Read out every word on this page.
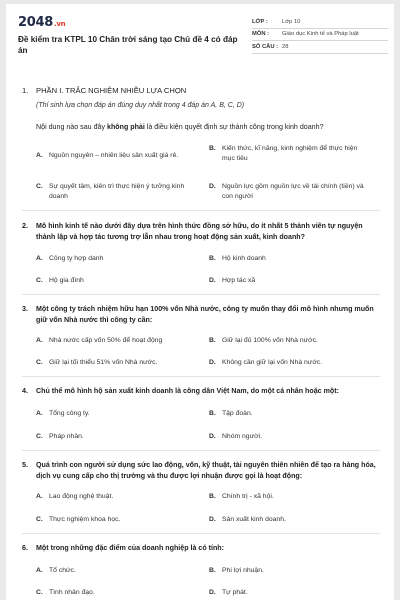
2048.vn
Đề kiểm tra KTPL 10 Chân trời sáng tạo Chủ đề 4 có đáp án
LỚP :	Lớp 10
MÔN :	Giáo dục Kinh tế và Pháp luật
SỐ CÂU : 28
1. PHẦN I. TRẮC NGHIỆM NHIỀU LỰA CHỌN
(Thí sinh lựa chọn đáp án đúng duy nhất trong 4 đáp án A, B, C, D)
Nội dung nào sau đây không phải là điều kiện quyết định sự thành công trong kinh doanh?
A. Nguồn nguyên – nhiên liệu sản xuất giá rẻ.
B. Kiến thức, kĩ năng, kinh nghiệm để thực hiện mục tiêu
C. Sự quyết tâm, kiên trì thực hiện ý tưởng kinh doanh
D. Nguồn lực gồm nguồn lực về tài chính (tiền) và con người
2. Mô hình kinh tế nào dưới đây dựa trên hình thức đồng sở hữu, do ít nhất 5 thành viên tự nguyện thành lập và hợp tác tương trợ lẫn nhau trong hoạt động sản xuất, kinh doanh?
A. Công ty hợp danh	B. Hộ kinh doanh
C. Hộ gia đình	D. Hợp tác xã
3. Một công ty trách nhiệm hữu hạn 100% vốn Nhà nước, công ty muốn thay đổi mô hình nhưng muốn giữ vốn Nhà nước thì công ty cần:
A. Nhà nước cấp vốn 50% để hoạt động	B. Giữ lại đủ 100% vốn Nhà nước.
C. Giữ lại tối thiểu 51% vốn Nhà nước.	D. Không cần giữ lại vốn Nhà nước.
4. Chủ thể mô hình hộ sản xuất kinh doanh là công dân Việt Nam, do một cá nhân hoặc một:
A. Tổng công ty.	B. Tập đoàn.
C. Pháp nhân.	D. Nhóm người.
5. Quá trình con người sử dụng sức lao động, vốn, kỹ thuật, tài nguyên thiên nhiên để tạo ra hàng hóa, dịch vụ cung cấp cho thị trường và thu được lợi nhuận được gọi là hoạt động:
A. Lao động nghệ thuật.	B. Chính trị - xã hội.
C. Thực nghiệm khoa học.	D. Sản xuất kinh doanh.
6. Một trong những đặc điểm của doanh nghiệp là có tính:
A. Tổ chức.	B. Phi lợi nhuận.
C. Tình nhân đạo.	D. Tự phát.
